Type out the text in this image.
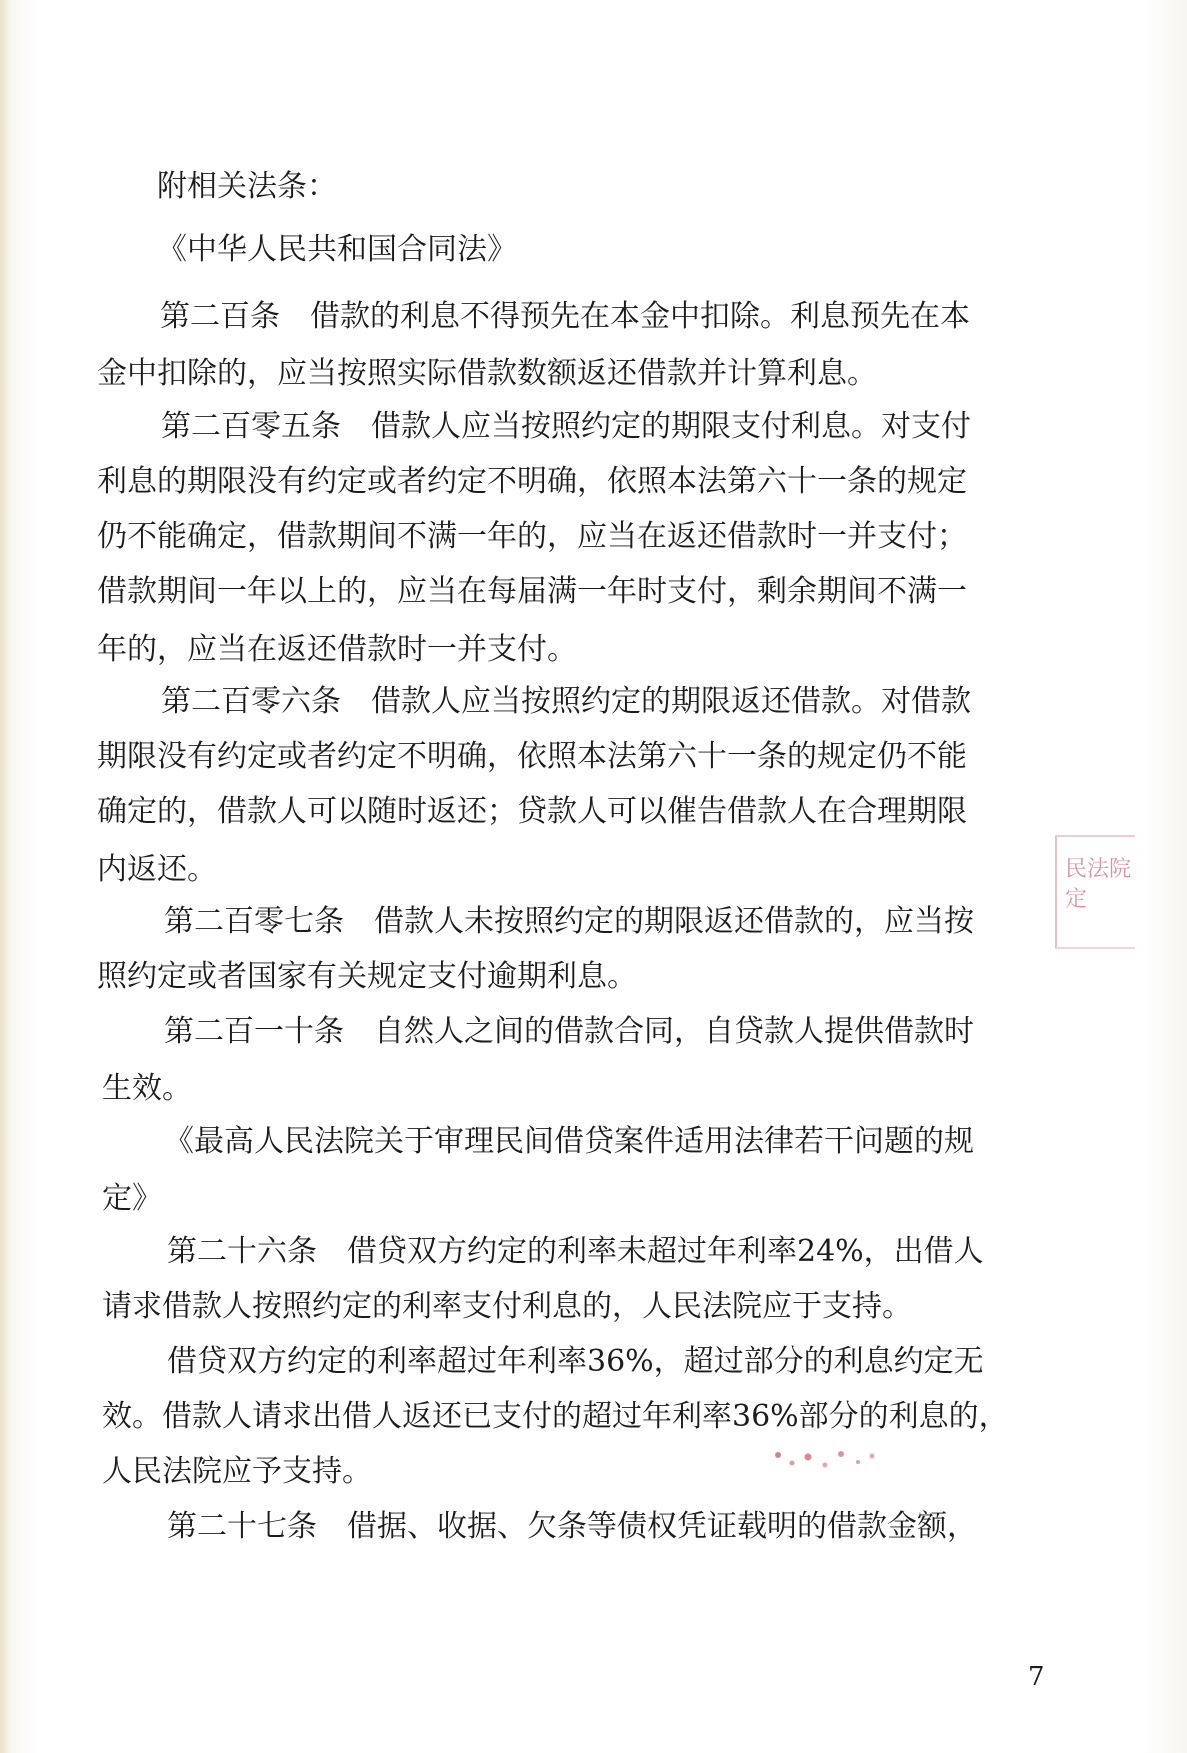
附相关法条：
《中华人民共和国合同法》
第二百条　借款的利息不得预先在本金中扣除。利息预先在本
金中扣除的，应当按照实际借款数额返还借款并计算利息。
第二百零五条　借款人应当按照约定的期限支付利息。对支付
利息的期限没有约定或者约定不明确，依照本法第六十一条的规定
仍不能确定，借款期间不满一年的，应当在返还借款时一并支付；
借款期间一年以上的，应当在每届满一年时支付，剩余期间不满一
年的，应当在返还借款时一并支付。
第二百零六条　借款人应当按照约定的期限返还借款。对借款
期限没有约定或者约定不明确，依照本法第六十一条的规定仍不能
确定的，借款人可以随时返还；贷款人可以催告借款人在合理期限
内返还。
第二百零七条　借款人未按照约定的期限返还借款的，应当按
照约定或者国家有关规定支付逾期利息。
第二百一十条　自然人之间的借款合同，自贷款人提供借款时
生效。
《最高人民法院关于审理民间借贷案件适用法律若干问题的规
定》
第二十六条　借贷双方约定的利率未超过年利率24%，出借人
请求借款人按照约定的利率支付利息的，人民法院应于支持。
借贷双方约定的利率超过年利率36%，超过部分的利息约定无
效。借款人请求出借人返还已支付的超过年利率36%部分的利息的，
人民法院应予支持。
第二十七条　借据、收据、欠条等债权凭证载明的借款金额，
民法院定
7
